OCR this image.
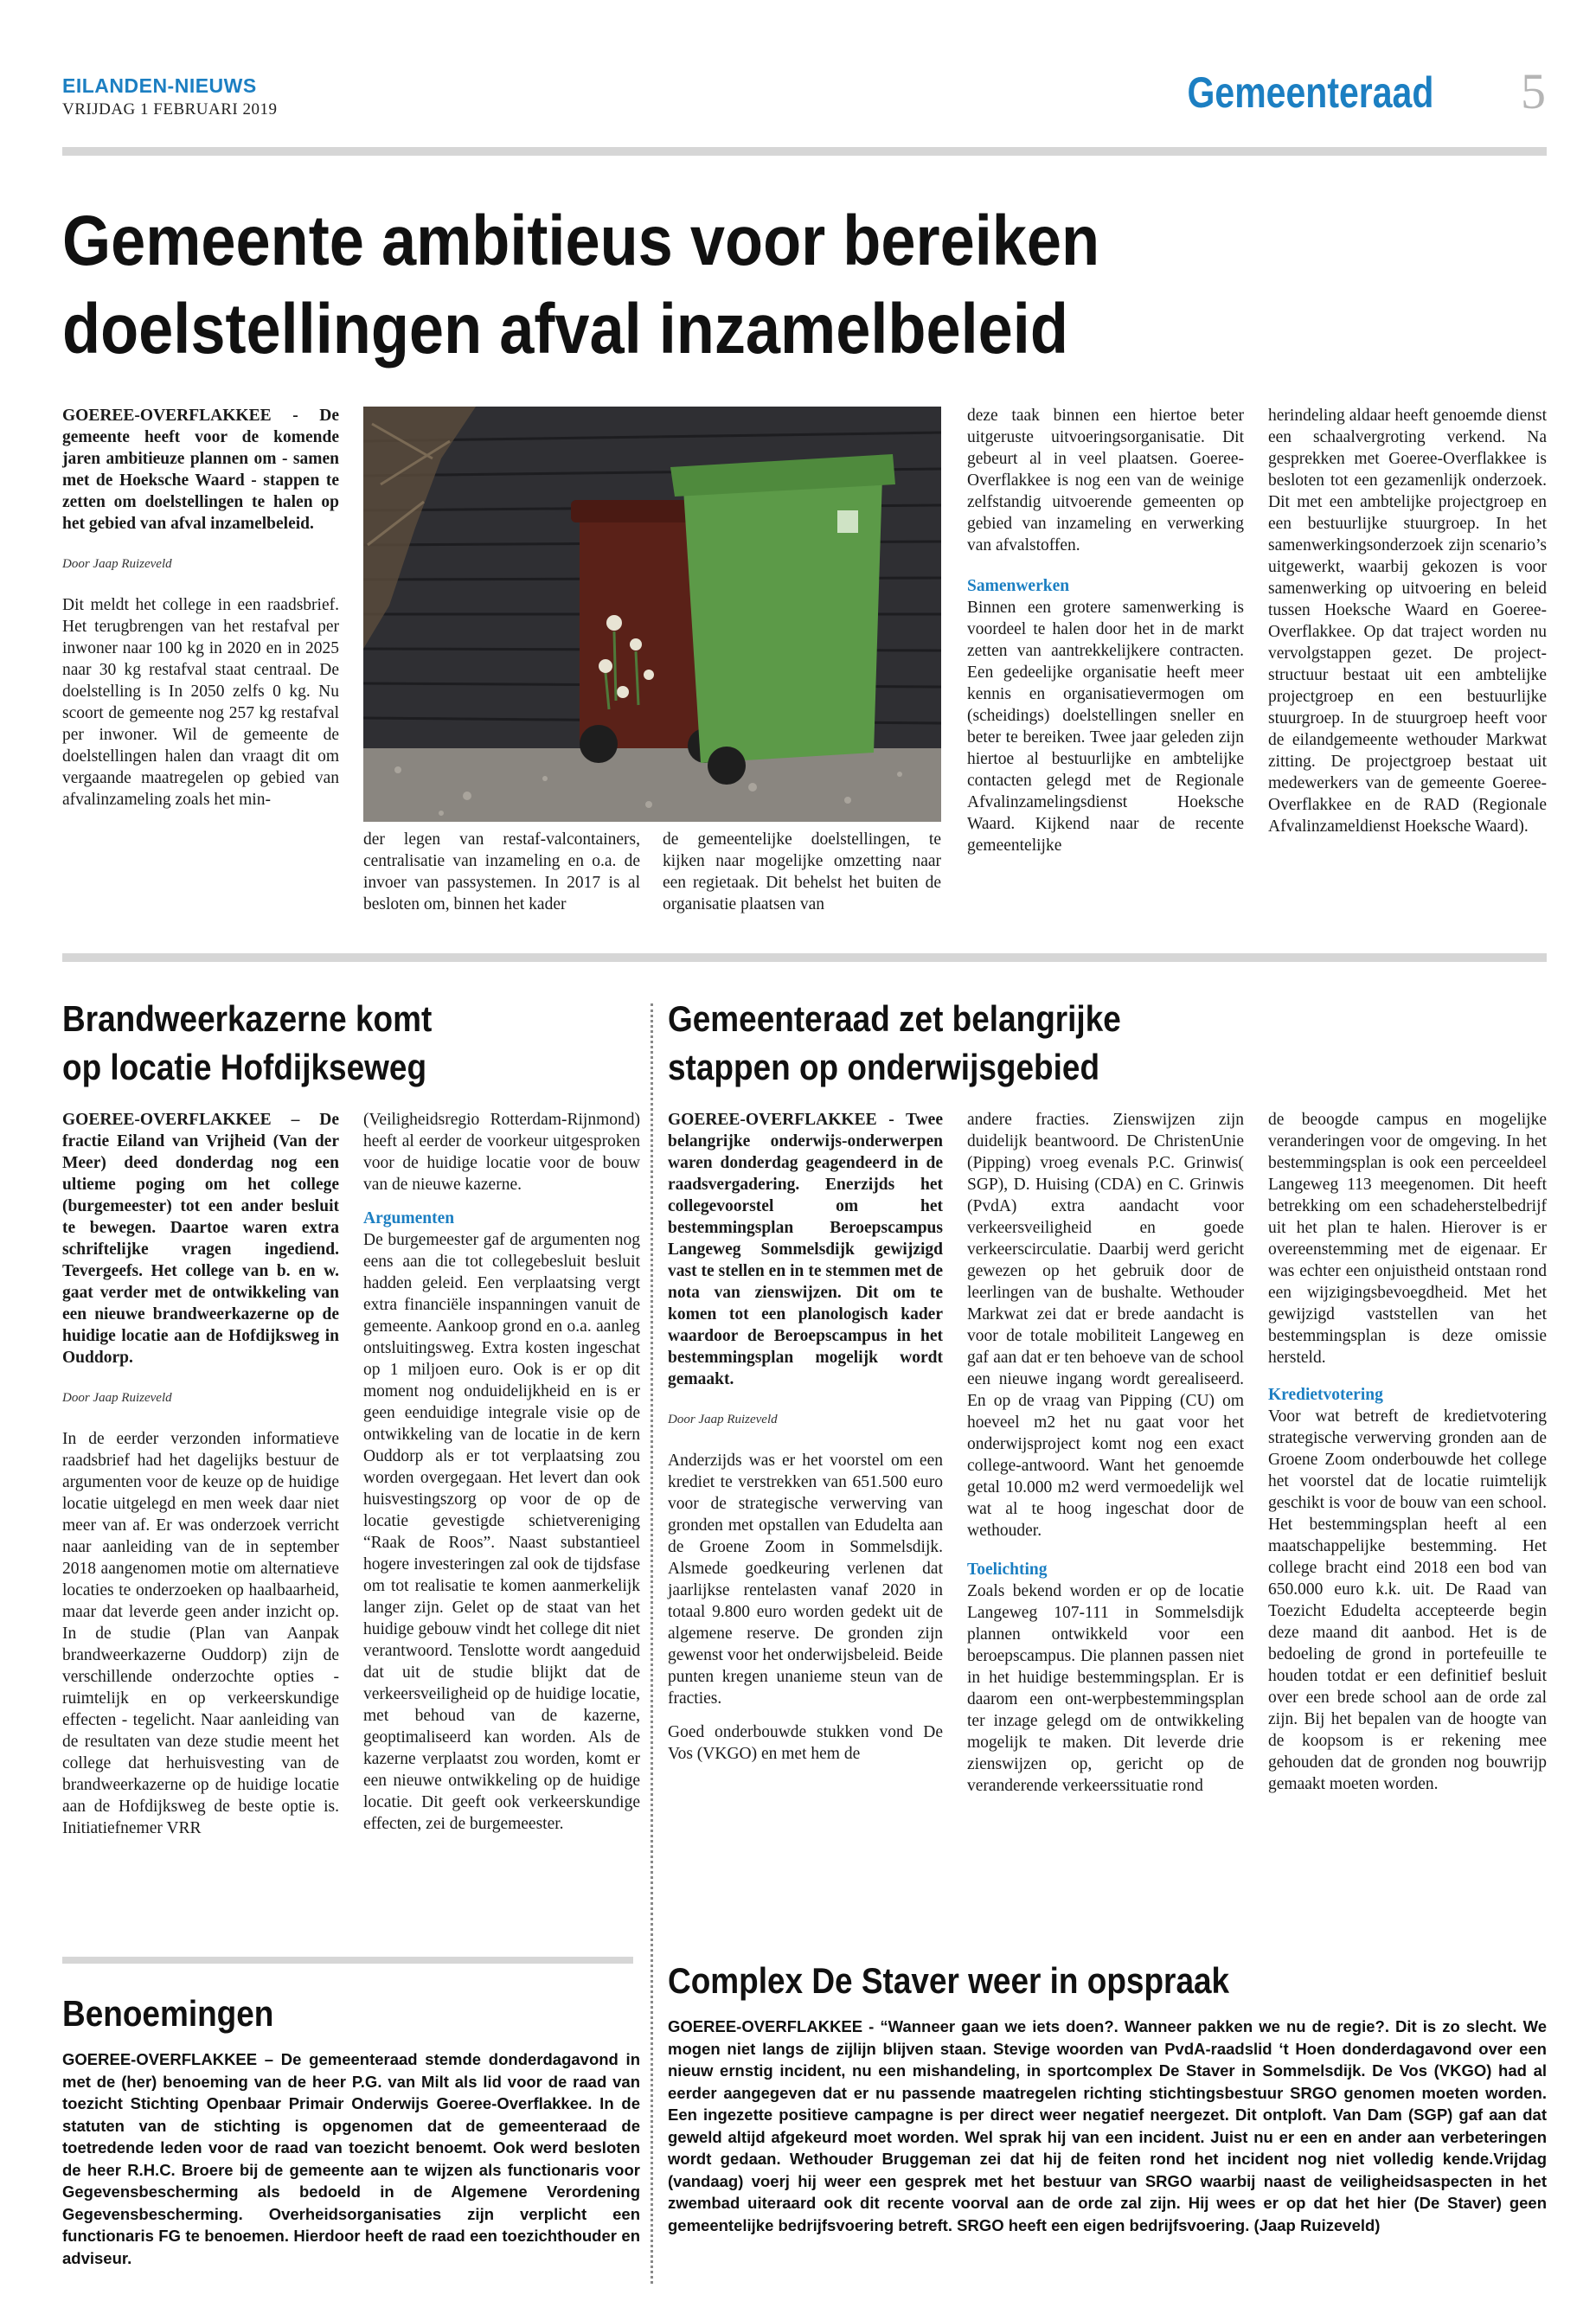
EILANDEN-NIEUWS
VRIJDAG 1 FEBRUARI 2019	Gemeenteraad 5
Gemeente ambitieus voor bereiken
doelstellingen afval inzamelbeleid

GOEREE-OVERFLAKKEE - De gemeente heeft voor de komende jaren ambitieuze plannen om - samen met de Hoeksche Waard - stappen te zetten om doelstellingen te halen op het gebied van afval inzamelbeleid.

Door Jaap Ruizeveld

Dit meldt het college in een raadsbrief. Het terugbrengen van het restafval per inwoner naar 100 kg in 2020 en in 2025 naar 30 kg restafval staat centraal. De doelstelling is In 2050 zelfs 0 kg. Nu scoort de gemeente nog 257 kg restafval per inwoner. Wil de gemeente de doelstellingen halen dan vraagt dit om vergaande maatregelen op gebied van afvalinzameling zoals het min-

der legen van restaf-valcontainers, centralisatie van inzameling en o.a. de invoer van passystemen. In 2017 is al besloten om, binnen het kader

de gemeentelijke doelstellingen, te kijken naar mogelijke omzetting naar een regietaak. Dit behelst het buiten de organisatie plaatsen van

deze taak binnen een hiertoe beter uitgeruste uitvoeringsorganisatie. Dit gebeurt al in veel plaatsen. Goeree-Overflakkee is nog een van de weinige zelfstandig uitvoerende gemeenten op gebied van inzameling en verwerking van afvalstoffen.

Samenwerken

Binnen een grotere samenwerking is voordeel te halen door het in de markt zetten van aantrekkelijkere contracten. Een gedeelijke organisatie heeft meer kennis en organisatievermogen om (scheidings) doelstellingen sneller en beter te bereiken. Twee jaar geleden zijn hiertoe al bestuurlijke en ambtelijke contacten gelegd met de Regionale Afvalinzamelingsdienst Hoeksche Waard. Kijkend naar de recente gemeentelijke

herindeling aldaar heeft genoemde dienst een schaalvergroting verkend. Na gesprekken met Goeree-Overflakkee is besloten tot een gezamenlijk onderzoek. Dit met een ambtelijke projectgroep en een bestuurlijke stuurgroep. In het samenwerkingsonderzoek zijn scenario’s uitgewerkt, waarbij gekozen is voor samenwerking op uitvoering en beleid tussen Hoeksche Waard en Goeree-Overflakkee. Op dat traject worden nu vervolgstappen gezet. De project-structuur bestaat uit een ambtelijke projectgroep en een bestuurlijke stuurgroep. In de stuurgroep heeft voor de eilandgemeente wethouder Markwat zitting. De projectgroep bestaat uit medewerkers van de gemeente Goeree-Overflakkee en de RAD (Regionale Afvalinzameldienst Hoeksche Waard).

Brandweerkazerne komt
op locatie Hofdijkseweg

GOEREE-OVERFLAKKEE – De fractie Eiland van Vrijheid (Van der Meer) deed donderdag nog een ultieme poging om het college (burgemeester) tot een ander besluit te bewegen. Daartoe waren extra schriftelijke vragen ingediend. Tevergeefs. Het college van b. en w. gaat verder met de ontwikkeling van een nieuwe brandweerkazerne op de huidige locatie aan de Hofdijksweg in Ouddorp.

Door Jaap Ruizeveld

In de eerder verzonden informatieve raadsbrief had het dagelijks bestuur de argumenten voor de keuze op de huidige locatie uitgelegd en men week daar niet meer van af. Er was onderzoek verricht naar aanleiding van de in september 2018 aangenomen motie om alternatieve locaties te onderzoeken op haalbaarheid, maar dat leverde geen ander inzicht op. In de studie (Plan van Aanpak brandweerkazerne Ouddorp) zijn de verschillende onderzochte opties - ruimtelijk en op verkeerskundige effecten - tegelicht. Naar aanleiding van de resultaten van deze studie meent het college dat herhuisvesting van de brandweerkazerne op de huidige locatie aan de Hofdijksweg de beste optie is. Initiatiefnemer VRR

(Veiligheidsregio Rotterdam-Rijnmond) heeft al eerder de voorkeur uitgesproken voor de huidige locatie voor de bouw van de nieuwe kazerne.

Argumenten

De burgemeester gaf de argumenten nog eens aan die tot collegebesluit besluit hadden geleid. Een verplaatsing vergt extra financiële inspanningen vanuit de gemeente. Aankoop grond en o.a. aanleg ontsluitingsweg. Extra kosten ingeschat op 1 miljoen euro. Ook is er op dit moment nog onduidelijkheid en is er geen eenduidige integrale visie op de ontwikkeling van de locatie in de kern Ouddorp als er tot verplaatsing zou worden overgegaan. Het levert dan ook huisvestingszorg op voor de op de locatie gevestigde schietvereniging “Raak de Roos”. Naast substantieel hogere investeringen zal ook de tijdsfase om tot realisatie te komen aanmerkelijk langer zijn. Gelet op de staat van het huidige gebouw vindt het college dit niet verantwoord. Tenslotte wordt aangeduid dat uit de studie blijkt dat de verkeersveiligheid op de huidige locatie, met behoud van de kazerne, geoptimaliseerd kan worden. Als de kazerne verplaatst zou worden, komt er een nieuwe ontwikkeling op de huidige locatie. Dit geeft ook verkeerskundige effecten, zei de burgemeester.

Gemeenteraad zet belangrijke
stappen op onderwijsgebied

GOEREE-OVERFLAKKEE - Twee belangrijke onderwijs-onderwerpen waren donderdag geagendeerd in de raadsvergadering. Enerzijds het collegevoorstel om het bestemmingsplan Beroepscampus Langeweg Sommelsdijk gewijzigd vast te stellen en in te stemmen met de nota van zienswijzen. Dit om te komen tot een planologisch kader waardoor de Beroepscampus in het bestemmingsplan mogelijk wordt gemaakt.

Door Jaap Ruizeveld

Anderzijds was er het voorstel om een krediet te verstrekken van 651.500 euro voor de strategische verwerving van gronden met opstallen van Edudelta aan de Groene Zoom in Sommelsdijk. Alsmede goedkeuring verlenen dat jaarlijkse rentelasten vanaf 2020 in totaal 9.800 euro worden gedekt uit de algemene reserve. De gronden zijn gewenst voor het onderwijsbeleid. Beide punten kregen unanieme steun van de fracties.

Goed onderbouwde stukken vond De Vos (VKGO) en met hem de

andere fracties. Zienswijzen zijn duidelijk beantwoord. De ChristenUnie (Pipping) vroeg evenals P.C. Grinwis( SGP), D. Huising (CDA) en C. Grinwis (PvdA) extra aandacht voor verkeersveiligheid en goede verkeerscirculatie. Daarbij werd gericht gewezen op het gebruik door de leerlingen van de bushalte. Wethouder Markwat zei dat er brede aandacht is voor de totale mobiliteit Langeweg en gaf aan dat er ten behoeve van de school een nieuwe ingang wordt gerealiseerd. En op de vraag van Pipping (CU) om hoeveel m2 het nu gaat voor het onderwijsproject komt nog een exact college-antwoord. Want het genoemde getal 10.000 m2 werd vermoedelijk wel wat al te hoog ingeschat door de wethouder.

Toelichting

Zoals bekend worden er op de locatie Langeweg 107-111 in Sommelsdijk plannen ontwikkeld voor een beroepscampus. Die plannen passen niet in het huidige bestemmingsplan. Er is daarom een ont-werpbestemmingsplan ter inzage gelegd om de ontwikkeling mogelijk te maken. Dit leverde drie zienswijzen op, gericht op de veranderende verkeerssituatie rond

de beoogde campus en mogelijke veranderingen voor de omgeving. In het bestemmingsplan is ook een perceeldeel Langeweg 113 meegenomen. Dit heeft betrekking om een schadeherstelbedrijf uit het plan te halen. Hierover is er overeenstemming met de eigenaar. Er was echter een onjuistheid ontstaan rond een wijzigingsbevoegdheid. Met het gewijzigd vaststellen van het bestemmingsplan is deze omissie hersteld.

Kredietvotering

Voor wat betreft de kredietvotering strategische verwerving gronden aan de Groene Zoom onderbouwde het college het voorstel dat de locatie ruimtelijk geschikt is voor de bouw van een school. Het bestemmingsplan heeft al een maatschappelijke bestemming. Het college bracht eind 2018 een bod van 650.000 euro k.k. uit. De Raad van Toezicht Edudelta accepteerde begin deze maand dit aanbod. Het is de bedoeling de grond in portefeuille te houden totdat er een definitief besluit over een brede school aan de orde zal zijn. Bij het bepalen van de hoogte van de koopsom is er rekening mee gehouden dat de gronden nog bouwrijp gemaakt moeten worden.

Benoemingen
GOEREE-OVERFLAKKEE – De gemeenteraad stemde donderdagavond in met de (her) benoeming van de heer P.G. van Milt als lid voor de raad van toezicht Stichting Openbaar Primair Onderwijs Goeree-Overflakkee. In de statuten van de stichting is opgenomen dat de gemeenteraad de toetredende leden voor de raad van toezicht benoemt. Ook werd besloten de heer R.H.C. Broere bij de gemeente aan te wijzen als functionaris voor Gegevensbescherming als bedoeld in de Algemene Verordening Gegevensbescherming. Overheidsorganisaties zijn verplicht een functionaris FG te benoemen. Hierdoor heeft de raad een toezichthouder en adviseur.
Complex De Staver weer in opspraak
GOEREE-OVERFLAKKEE - “Wanneer gaan we iets doen?. Wanneer pakken we nu de regie?. Dit is zo slecht. We mogen niet langs de zijlijn blijven staan. Stevige woorden van PvdA-raadslid ‘t Hoen donderdagavond over een nieuw ernstig incident, nu een mishandeling, in sportcomplex De Staver in Sommelsdijk. De Vos (VKGO) had al eerder aangegeven dat er nu passende maatregelen richting stichtingsbestuur SRGO genomen moeten worden. Een ingezette positieve campagne is per direct weer negatief neergezet. Dit ontploft. Van Dam (SGP) gaf aan dat geweld altijd afgekeurd moet worden. Wel sprak hij van een incident. Juist nu er een en ander aan verbeteringen wordt gedaan. Wethouder Bruggeman zei dat hij de feiten rond het incident nog niet volledig kende.Vrijdag (vandaag) voerj hij weer een gesprek met het bestuur van SRGO waarbij naast de veiligheidsaspecten in het zwembad uiteraard ook dit recente voorval aan de orde zal zijn. Hij wees er op dat het hier (De Staver) geen gemeentelijke bedrijfsvoering betreft. SRGO heeft een eigen bedrijfsvoering. (Jaap Ruizeveld)
